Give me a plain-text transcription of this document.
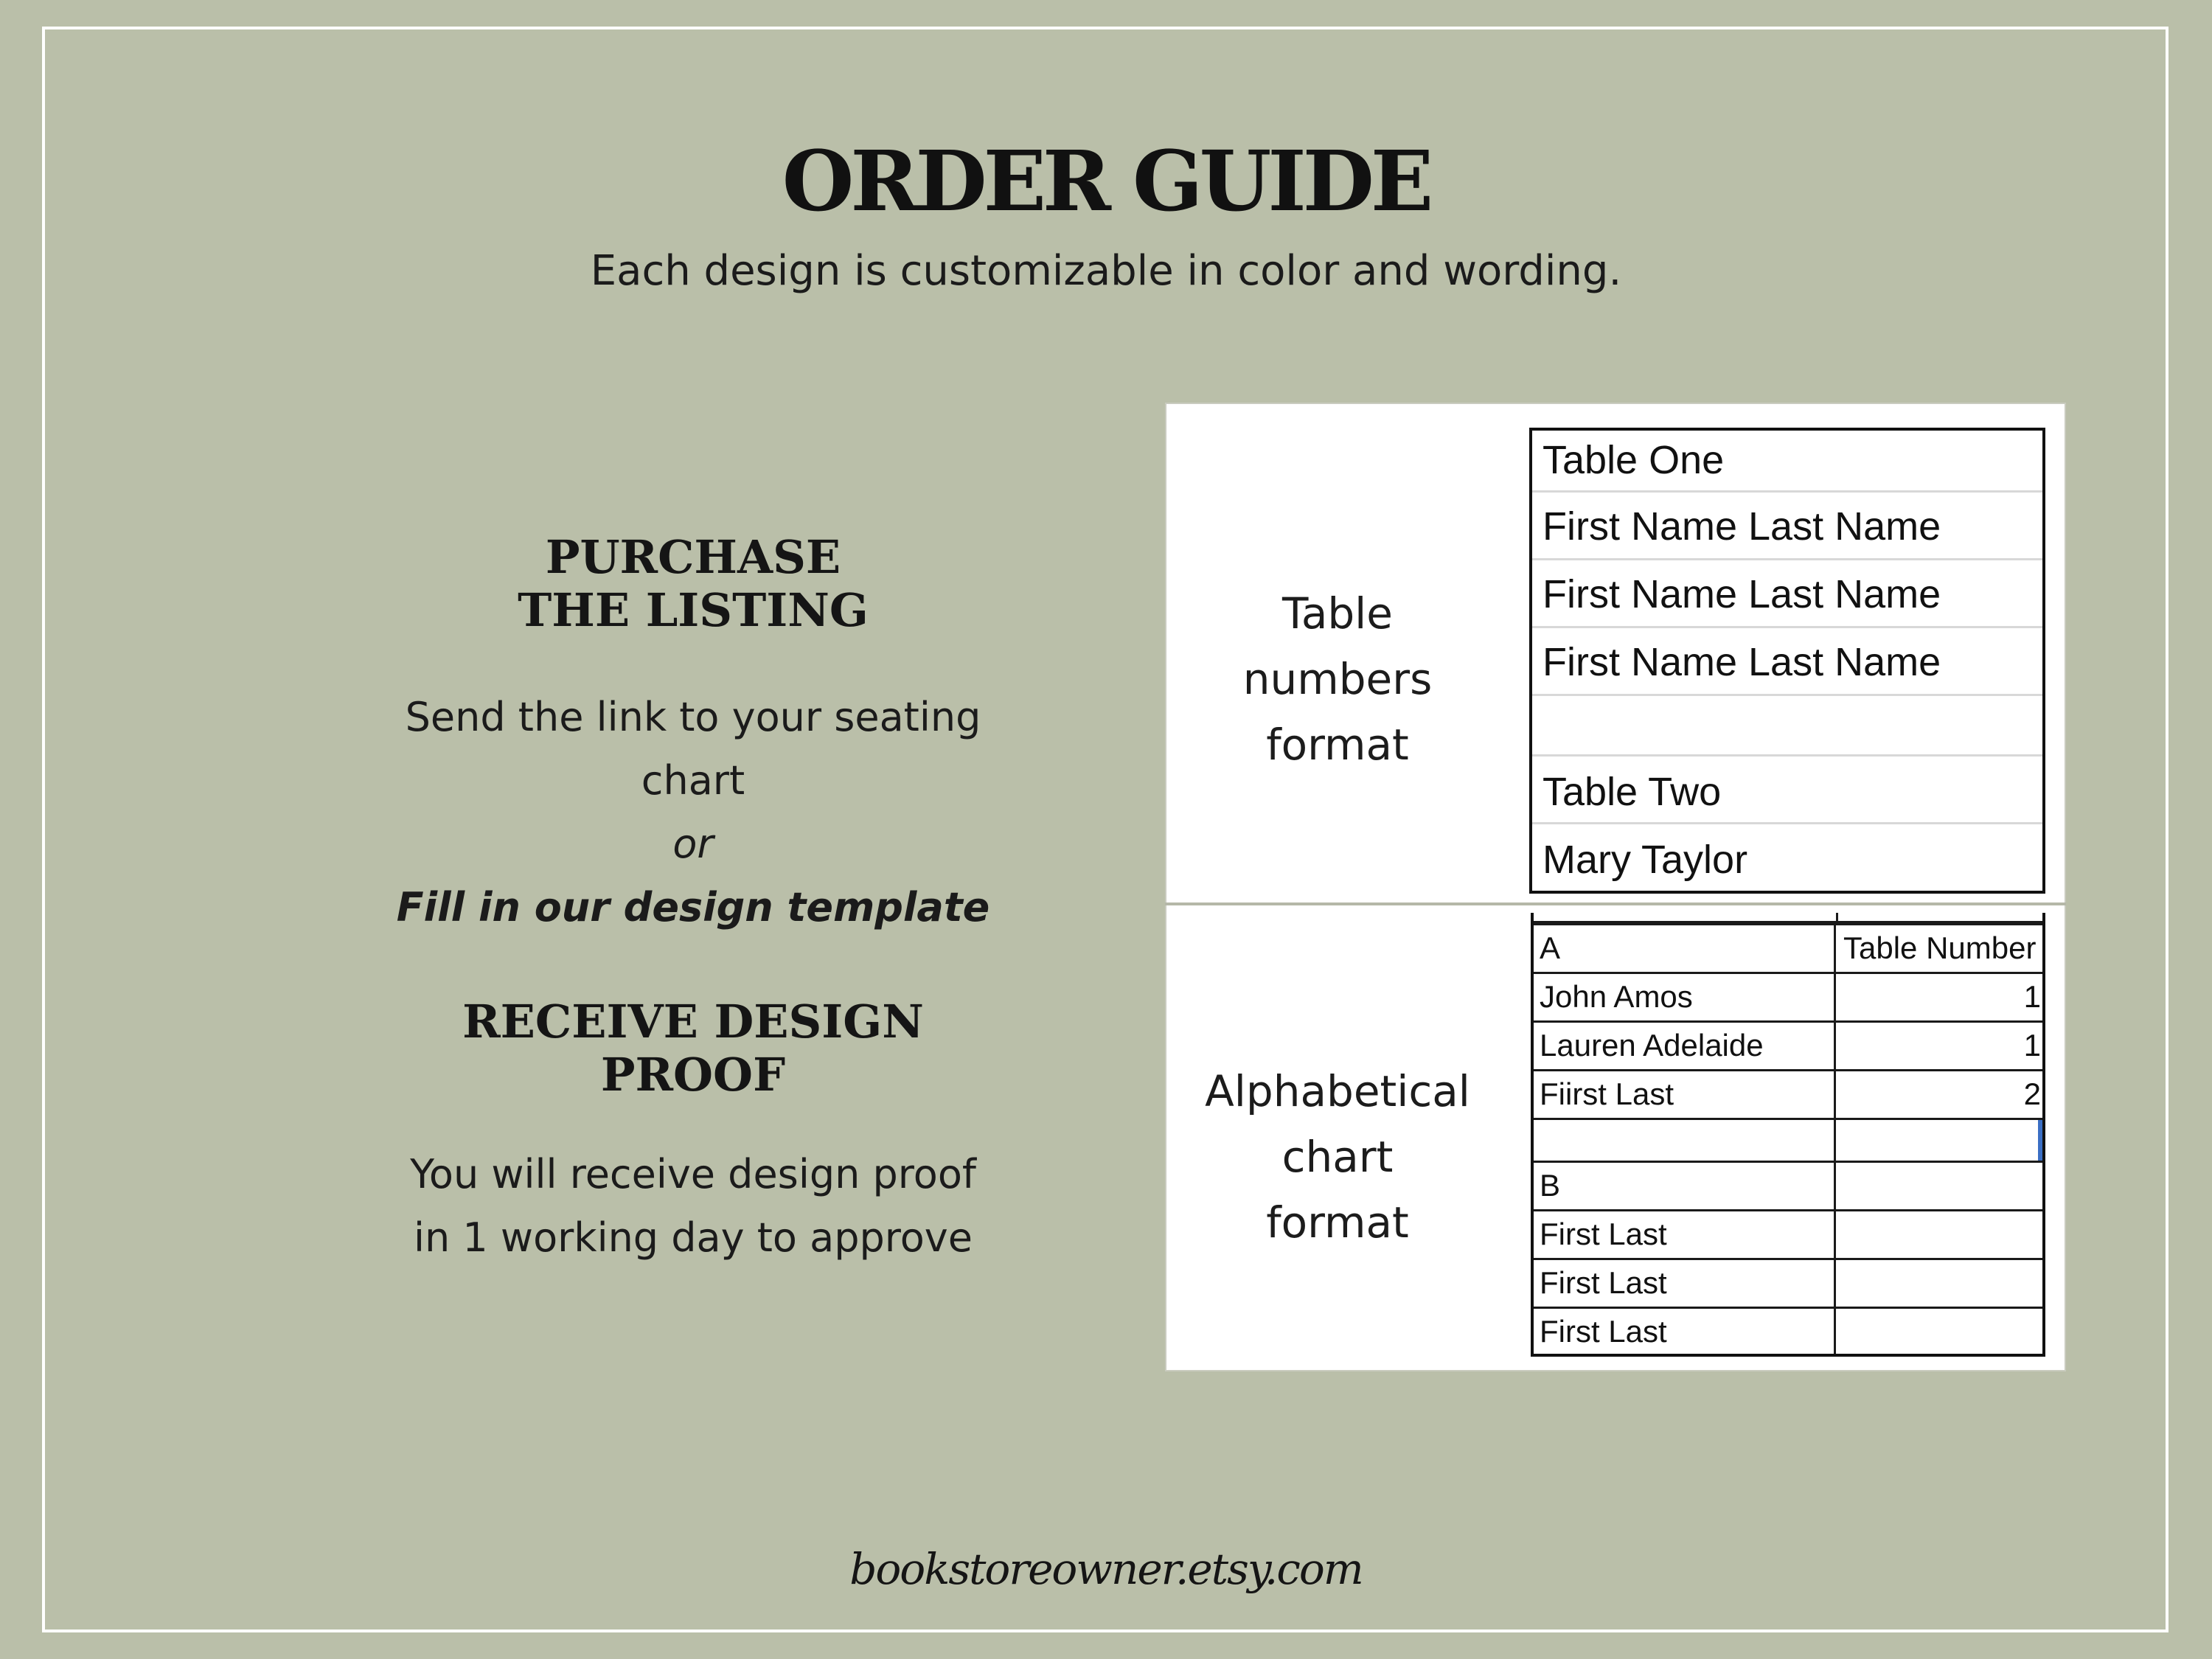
ORDER GUIDE

Each design is customizable in color and wording.

PURCHASE
THE LISTING
Send the link to your seating
chart
or
Fill in our design template
RECEIVE DESIGN
PROOF
You will receive design proof
in 1 working day to approve
Table
numbers
format
Table One
First Name Last Name
First Name Last Name
First Name Last Name
Table Two
Mary Taylor
Alphabetical
chart
format
A	Table Number
John Amos	1
Lauren Adelaide	1
Fiirst Last	2
B
First Last
First Last
First Last
bookstoreowner.etsy.com
